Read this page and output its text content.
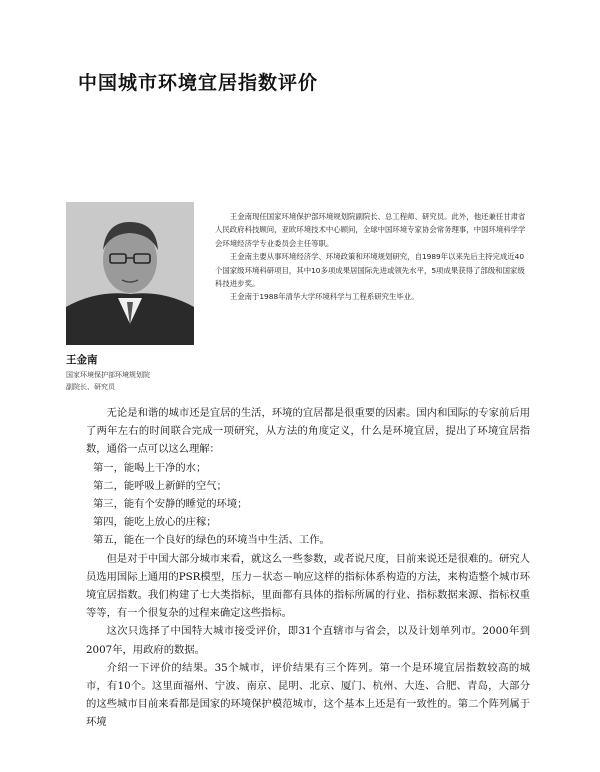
中国城市环境宜居指数评价

王金南现任国家环境保护部环境规划院副院长、总工程师、研究员。此外，他还兼任甘肃省人民政府科技顾问，亚欧环境技术中心顾问，全球中国环境专家协会常务理事，中国环境科学学会环境经济学专业委员会主任等职。

王金南主要从事环境经济学、环境政策和环境规划研究，自1989年以来先后主持完成近40个国家级环境科研项目，其中10多项成果居国际先进或领先水平，5项成果获得了部级和国家级科技进步奖。

王金南于1988年清华大学环境科学与工程系研究生毕业。

王金南
国家环境保护部环境规划院
副院长、研究员

无论是和谐的城市还是宜居的生活，环境的宜居都是很重要的因素。国内和国际的专家前后用了两年左右的时间联合完成一项研究，从方法的角度定义，什么是环境宜居，提出了环境宜居指数，通俗一点可以这么理解：

第一，能喝上干净的水；

第二，能呼吸上新鲜的空气；

第三，能有个安静的睡觉的环境；

第四，能吃上放心的庄稼；

第五，能在一个良好的绿色的环境当中生活、工作。

但是对于中国大部分城市来看，就这么一些参数，或者说尺度，目前来说还是很难的。研究人员选用国际上通用的PSR模型，压力－状态－响应这样的指标体系构造的方法，来构造整个城市环境宜居指数。我们构建了七大类指标，里面都有具体的指标所属的行业、指标数据来源、指标权重等等，有一个很复杂的过程来确定这些指标。

这次只选择了中国特大城市接受评价，即31个直辖市与省会，以及计划单列市。2000年到2007年，用政府的数据。

介绍一下评价的结果。35个城市，评价结果有三个阵列。第一个是环境宜居指数较高的城市，有10个。这里面福州、宁波、南京、昆明、北京、厦门、杭州、大连、合肥、青岛，大部分的这些城市目前来看都是国家的环境保护模范城市，这个基本上还是有一致性的。第二个阵列属于环境
